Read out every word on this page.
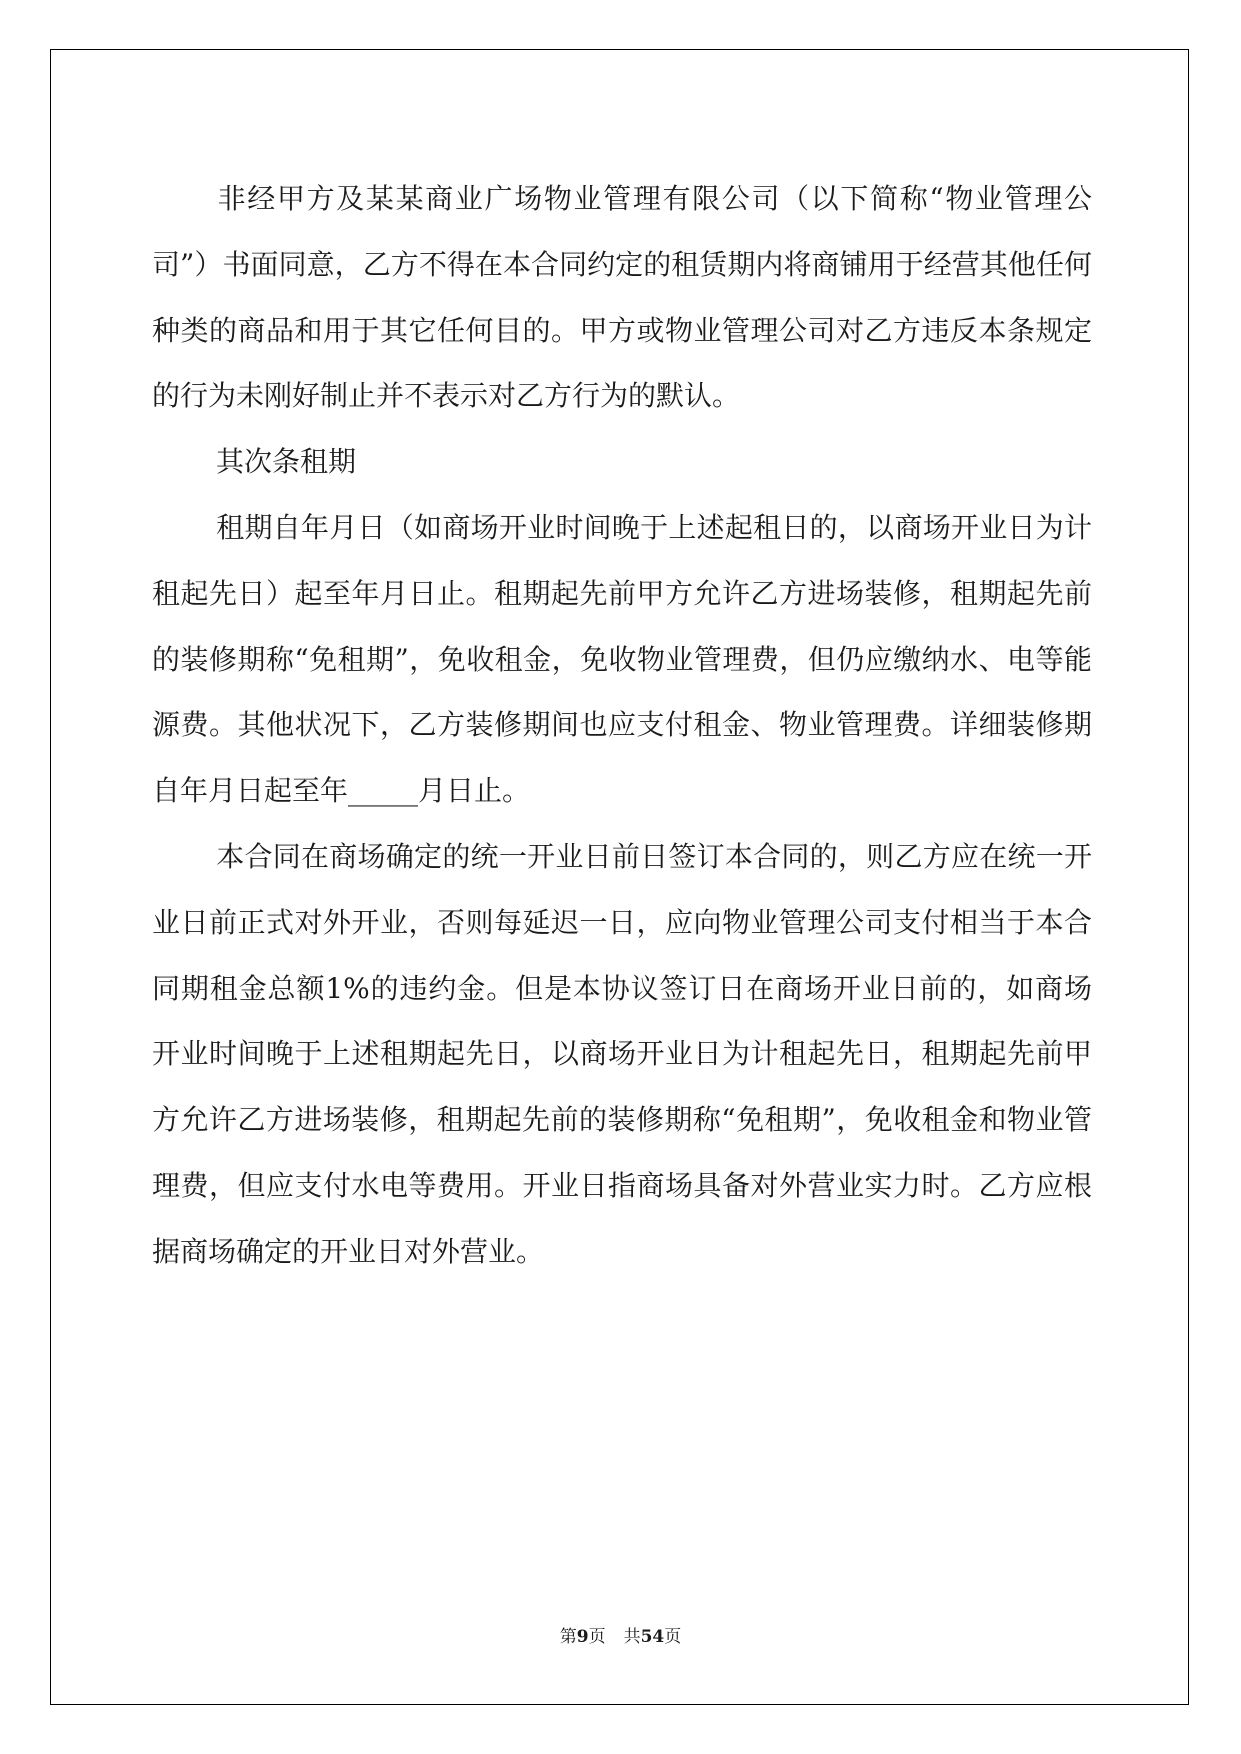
非经甲方及某某商业广场物业管理有限公司（以下简称“物业管理公司”）书面同意，乙方不得在本合同约定的租赁期内将商铺用于经营其他任何种类的商品和用于其它任何目的。甲方或物业管理公司对乙方违反本条规定的行为未刚好制止并不表示对乙方行为的默认。

其次条租期

租期自年月日（如商场开业时间晚于上述起租日的，以商场开业日为计租起先日）起至年月日止。租期起先前甲方允许乙方进场装修，租期起先前的装修期称“免租期”，免收租金，免收物业管理费，但仍应缴纳水、电等能源费。其他状况下，乙方装修期间也应支付租金、物业管理费。详细装修期自年月日起至年_____月日止。

本合同在商场确定的统一开业日前日签订本合同的，则乙方应在统一开业日前正式对外开业，否则每延迟一日，应向物业管理公司支付相当于本合同期租金总额1%的违约金。但是本协议签订日在商场开业日前的，如商场开业时间晚于上述租期起先日，以商场开业日为计租起先日，租期起先前甲方允许乙方进场装修，租期起先前的装修期称“免租期”，免收租金和物业管理费，但应支付水电等费用。开业日指商场具备对外营业实力时。乙方应根据商场确定的开业日对外营业。

第9页 共54页
